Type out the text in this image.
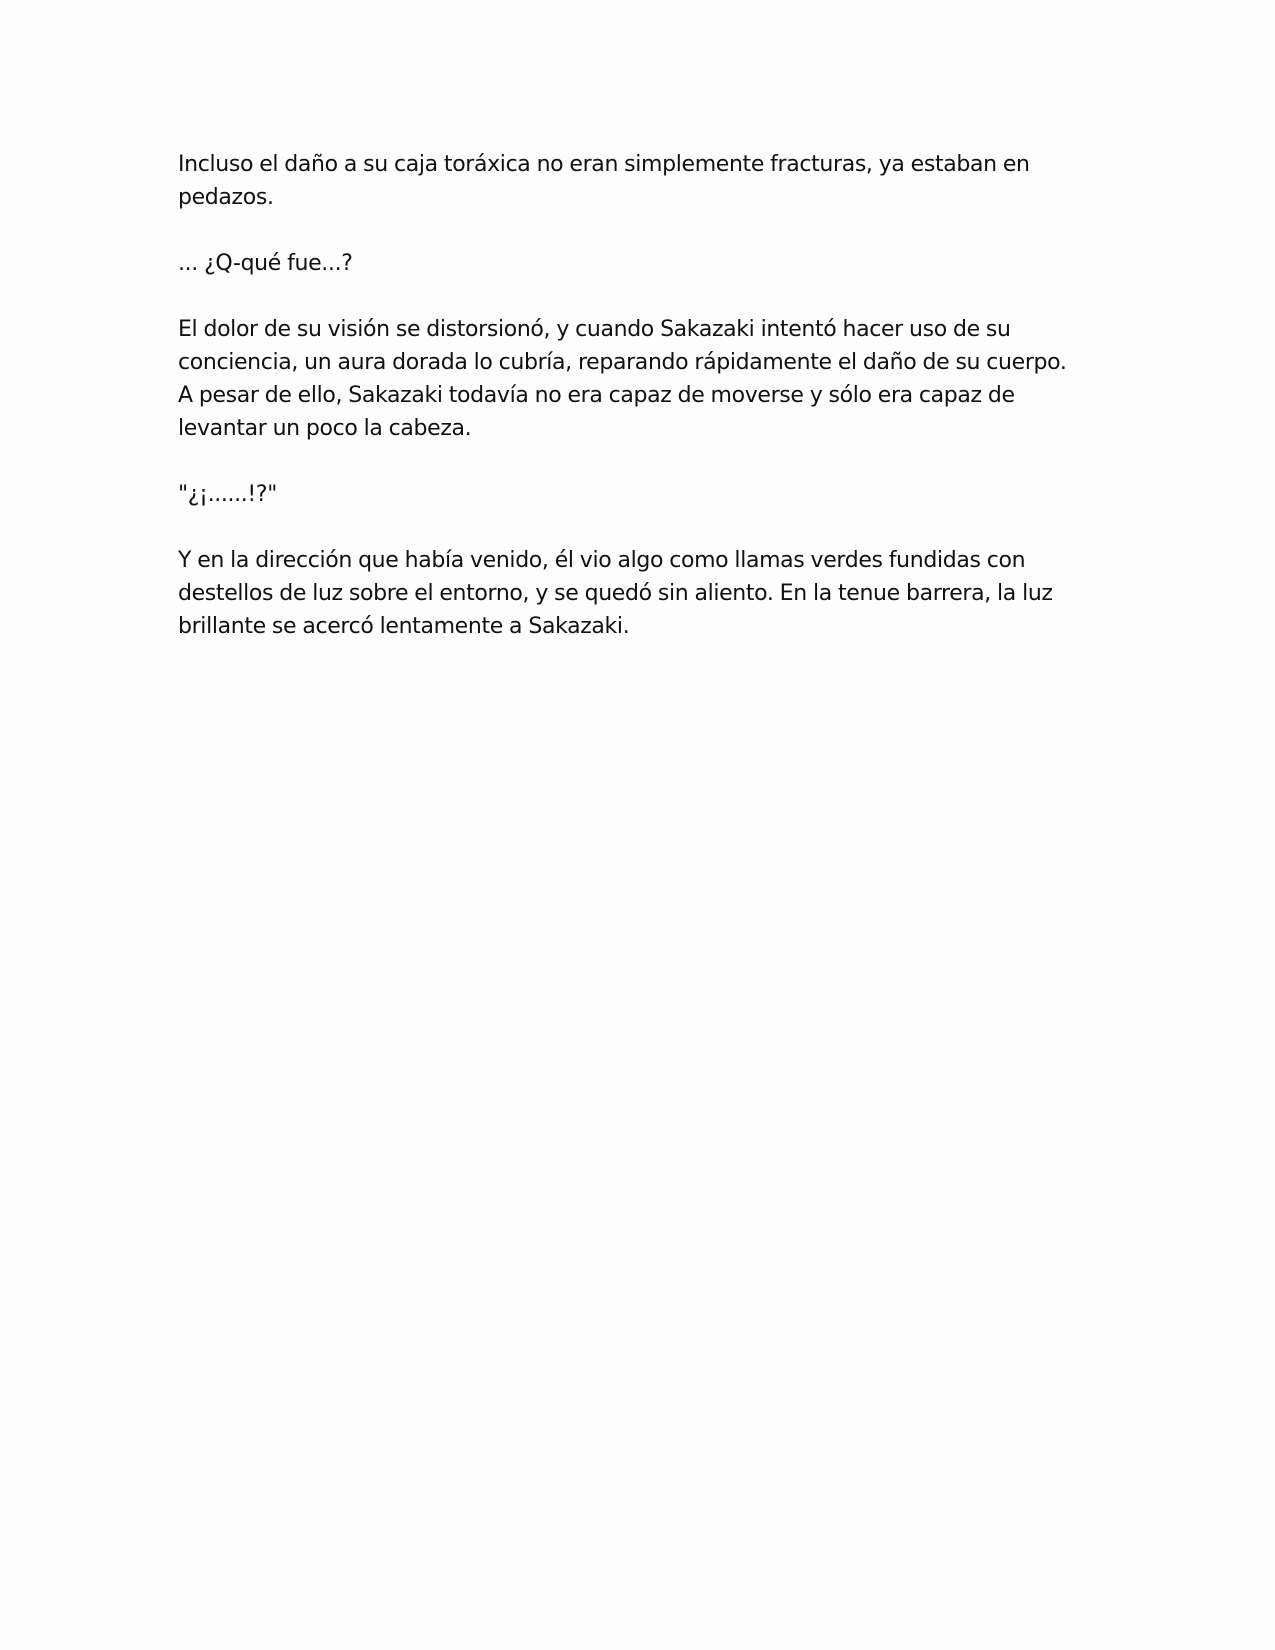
Incluso el daño a su caja toráxica no eran simplemente fracturas, ya estaban en
pedazos.

... ¿Q-qué fue...?

El dolor de su visión se distorsionó, y cuando Sakazaki intentó hacer uso de su
conciencia, un aura dorada lo cubría, reparando rápidamente el daño de su cuerpo.
A pesar de ello, Sakazaki todavía no era capaz de moverse y sólo era capaz de
levantar un poco la cabeza.

"¿¡......!?"

Y en la dirección que había venido, él vio algo como llamas verdes fundidas con
destellos de luz sobre el entorno, y se quedó sin aliento. En la tenue barrera, la luz
brillante se acercó lentamente a Sakazaki.
